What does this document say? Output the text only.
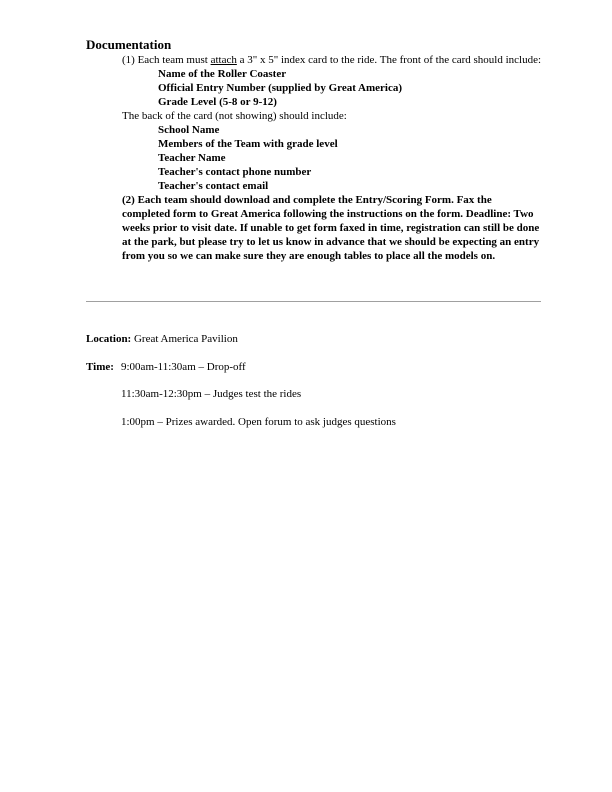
Documentation
(1) Each team must attach a 3" x 5" index card to the ride. The front of the card should include:
Name of the Roller Coaster
Official Entry Number (supplied by Great America)
Grade Level (5-8 or 9-12)
The back of the card (not showing) should include:
School Name
Members of the Team with grade level
Teacher Name
Teacher's contact phone number
Teacher's contact email
(2) Each team should download and complete the Entry/Scoring Form. Fax the completed form to Great America following the instructions on the form. Deadline: Two weeks prior to visit date. If unable to get form faxed in time, registration can still be done at the park, but please try to let us know in advance that we should be expecting an entry from you so we can make sure they are enough tables to place all the models on.
Location: Great America Pavilion
Time: 9:00am-11:30am – Drop-off
11:30am-12:30pm – Judges test the rides
1:00pm – Prizes awarded. Open forum to ask judges questions
